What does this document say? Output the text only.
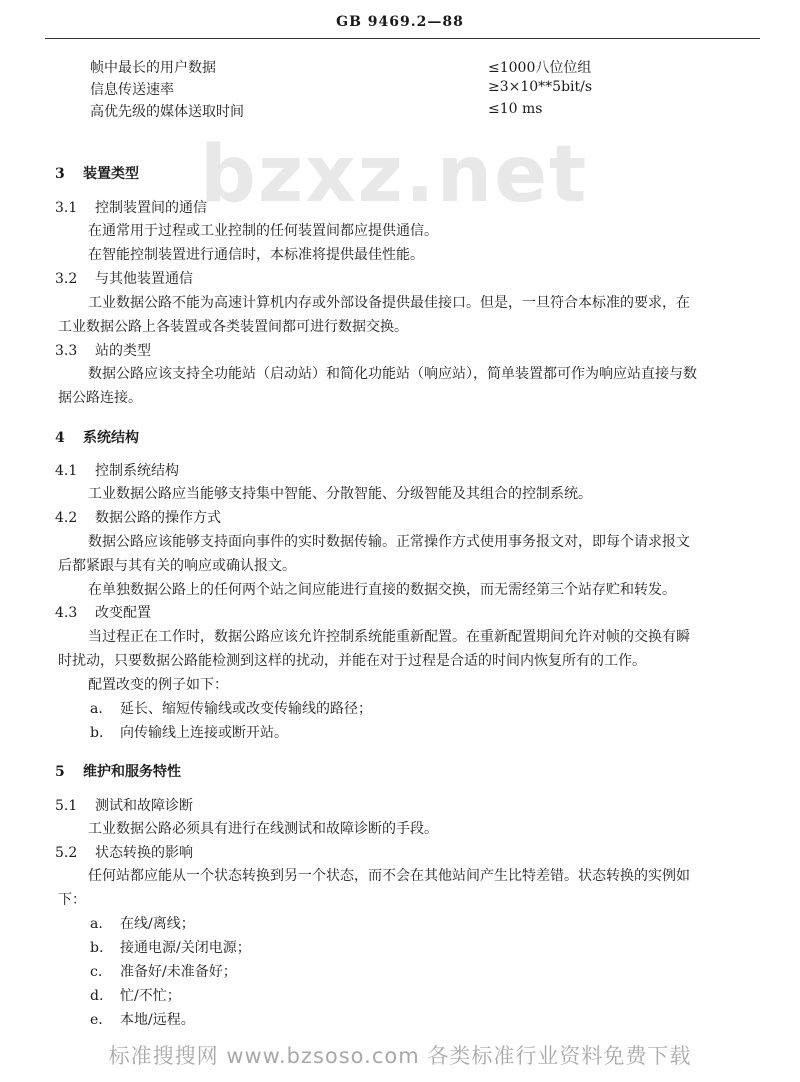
GB 9469.2—88
帧中最长的用户数据	≤1000八位位组
信息传送速率	≥3×10**5bit/s
高优先级的媒体送取时间	≤10 ms
bzxz.net
3 装置类型
3.1 控制装置间的通信
在通常用于过程或工业控制的任何装置间都应提供通信。
在智能控制装置进行通信时，本标准将提供最佳性能。
3.2 与其他装置通信
工业数据公路不能为高速计算机内存或外部设备提供最佳接口。但是，一旦符合本标准的要求，在
工业数据公路上各装置或各类装置间都可进行数据交换。
3.3 站的类型
数据公路应该支持全功能站（启动站）和简化功能站（响应站），简单装置都可作为响应站直接与数
据公路连接。
4 系统结构
4.1 控制系统结构
工业数据公路应当能够支持集中智能、分散智能、分级智能及其组合的控制系统。
4.2 数据公路的操作方式
数据公路应该能够支持面向事件的实时数据传输。正常操作方式使用事务报文对，即每个请求报文
后都紧跟与其有关的响应或确认报文。
在单独数据公路上的任何两个站之间应能进行直接的数据交换，而无需经第三个站存贮和转发。
4.3 改变配置
当过程正在工作时，数据公路应该允许控制系统能重新配置。在重新配置期间允许对帧的交换有瞬
时扰动，只要数据公路能检测到这样的扰动，并能在对于过程是合适的时间内恢复所有的工作。
配置改变的例子如下：
a. 延长、缩短传输线或改变传输线的路径；
b. 向传输线上连接或断开站。
5 维护和服务特性
5.1 测试和故障诊断
工业数据公路必须具有进行在线测试和故障诊断的手段。
5.2 状态转换的影响
任何站都应能从一个状态转换到另一个状态，而不会在其他站间产生比特差错。状态转换的实例如
下：
a. 在线/离线；
b. 接通电源/关闭电源；
c. 准备好/未准备好；
d. 忙/不忙；
e. 本地/远程。
标准搜搜网 www.bzsoso.com 各类标准行业资料免费下载
